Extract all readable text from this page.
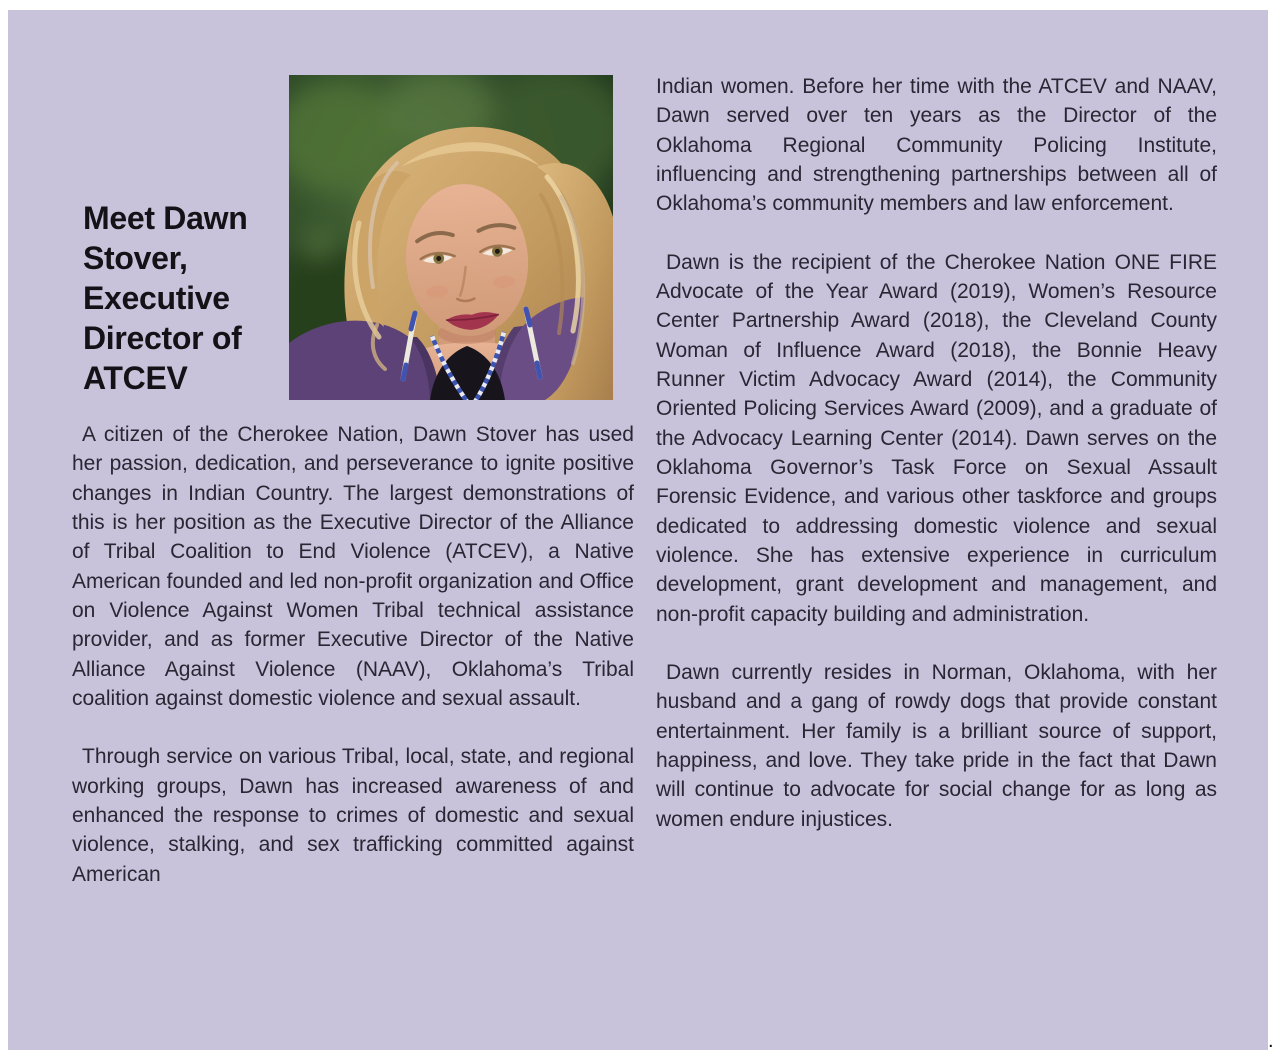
Meet Dawn Stover, Executive Director of ATCEV

A citizen of the Cherokee Nation, Dawn Stover has used her passion, dedication, and perseverance to ignite positive changes in Indian Country. The largest demonstrations of this is her position as the Executive Director of the Alliance of Tribal Coalition to End Violence (ATCEV), a Native American founded and led non-profit organization and Office on Violence Against Women Tribal technical assistance provider, and as former Executive Director of the Native Alliance Against Violence (NAAV), Oklahoma’s Tribal coalition against domestic violence and sexual assault.

Through service on various Tribal, local, state, and regional working groups, Dawn has increased awareness of and enhanced the response to crimes of domestic and sexual violence, stalking, and sex trafficking committed against American

Indian women. Before her time with the ATCEV and NAAV, Dawn served over ten years as the Director of the Oklahoma Regional Community Policing Institute, influencing and strengthening partnerships between all of Oklahoma’s community members and law enforcement.

Dawn is the recipient of the Cherokee Nation ONE FIRE Advocate of the Year Award (2019), Women’s Resource Center Partnership Award (2018), the Cleveland County Woman of Influence Award (2018), the Bonnie Heavy Runner Victim Advocacy Award (2014), the Community Oriented Policing Services Award (2009), and a graduate of the Advocacy Learning Center (2014). Dawn serves on the Oklahoma Governor’s Task Force on Sexual Assault Forensic Evidence, and various other taskforce and groups dedicated to addressing domestic violence and sexual violence. She has extensive experience in curriculum development, grant development and management, and non-profit capacity building and administration.

Dawn currently resides in Norman, Oklahoma, with her husband and a gang of rowdy dogs that provide constant entertainment. Her family is a brilliant source of support, happiness, and love. They take pride in the fact that Dawn will continue to advocate for social change for as long as women endure injustices.

.
